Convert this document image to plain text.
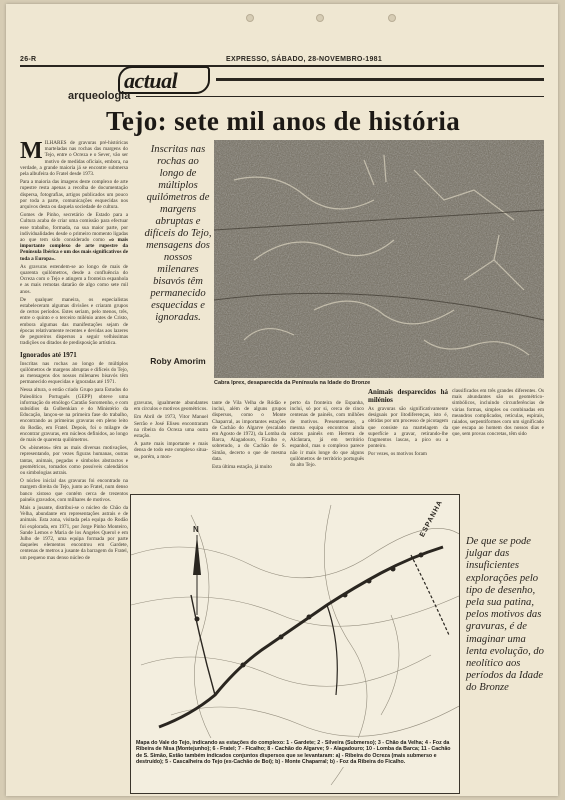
26-R	EXPRESSO, SÁBADO, 28-NOVEMBRO-1981
actual
arqueologia
Tejo: sete mil anos de história

MILHARES de gravuras pré-históricas marteladas nas rochas das margens do Tejo, entre o Ocreza e o Sever, vão ser motivo de medidas oficiais, embora, na verdade, a grande maioria já se encontre submersa pela albufeira do Fratel desde 1973.

Para a maioria das imagens deste complexo de arte rupestre resta apenas a recolha de documentação dispersa, fotografias, artigos publicados um pouco por toda a parte, comunicações esquecidas nos arquivos desta ou daquela sociedade de cultura.

Gomes de Pinho, secretário de Estado para a Cultura acaba de criar uma comissão para efectuar esse trabalho, formada, na sua maior parte, por individualidades desde o primeiro momento ligadas ao que tem sido considerado como «o mais importante complexo de arte rupestre da Península Ibérica e um dos mais significativos de toda a Europa».

As gravuras estendem-se ao longo de mais de quarenta quilómetros, desde a confluência do Ocreza com o Tejo e atingem a fronteira espanhola e as mais remotas datarão de algo como sete mil anos.

De qualquer maneira, os especialistas estabeleceram algumas divisões e criaram grupos de certos períodos. Estes seriam, pelo menos, três, entre o quinto e o terceiro milénio antes de Cristo, embora algumas das manifestações sejam de épocas relativamente recentes e devidas aos lazeres de pegureiros dispersos a seguir velhissimas tradições ou ditados de predisposição artística.

Ignorados até 1971

Inscritas nas rochas ao longo de múltiplos quilómetros de margens abruptas e difíceis do Tejo, as mensagens dos nossos milenares bisavós têm permanecido esquecidas e ignoradas até 1971.

Nessa altura, o então criado Grupo para Estudos do Paleolítico Português (GEPP) obteve uma informação do etnólogo Caratão Soromenho, e com subsídios da Gulbenkian e do Ministério da Educação, lançou-se na primeira fase do trabalho, encontrando as primeiras gravuras em pleno leito do Rodão, em Fratel. Depois, foi o milagre de encontrar gravuras, em núcleos definidos, ao longo de mais de quarenta quilómetros.

Os «bisnetos» têm as mais diversas motivações, representando, por vezes figuras humanas, outras tantas, animais, pegadas e símbolos abstractos e geométricos, tomados como possíveis calendários ou simbologias astrais.

O núcleo inicial das gravuras foi encontrado na margem direita do Tejo, junto ao Fratel, num denso banco xistoso que contém cerca de trezentos painéis gravados, com milhares de motivos.

Mais a jusante, distribui-se o núcleo do Chão da Velha, abundante em representações astrais e de animais. Esta zona, visitada pela equipa do Rodão foi explorada, em 1971, por Jorge Pinho Monteiro, Sande Lemos e Maria de los Angeles Querol e em Julho de 1972, uma equipa formada por parte daqueles elementos encontrou em Gardete, centenas de metros a jusante da barragem do Fratel, um pequeno mas denso núcleo de

Inscritas nas rochas ao longo de múltiplos quilómetros de margens abruptas e difíceis do Tejo, mensagens dos nossos milenares bisavós têm permanecido esquecidas e ignoradas.
Roby Amorim
Cabra Iprex, desaparecida da Península na Idade do Bronze

gravuras, igualmente abundantes em círculos e motivos geométricos.

Em Abril de 1973, Vitor Manuel Serrão e José Eliseu encontraram na ribeira do Ocreza uma outra estação.

A parte mais importante e mais densa de todo este complexo situa-se, porém, a mon-

tante de Vila Velha de Ródão e inclui, além de alguns grupos dispersos, como o Monte Chaparral, as importantes estações de Cachão do Algarve (escalado em Agosto de 1972), da Lomba da Barca, Alagadouro, Ficalho e, sobretudo, a do Cachão de S. Simão, decerto o que de mesma data.

Esta última estação, já muito

perto da fronteira de Espanha, inclui, só por si, cerca de cinco centenas de painéis, com milhões de motivos. Presentemente, a mesma equipa encontrou ainda outros painéis em Herrera de Alcântara, já em território espanhol, mas o complexo parece não ir mais longe do que alguns quilómetros de território português do alto Tejo.

Animais desparecidos há milénios

As gravuras são significativamente desiguais por litodiferenças, isto é, obtidas por um processo de picotagem que consiste na martelagem da superfície a gravar, retirando-lhe fragmentos lascas, a pico ou a ponteiro.

Por vezes, os motivos foram

classificados em três grandes diferentes. Os mais abundantes são os geométrico-simbólicos, incluindo circunferências de várias formas, simples ou combinadas em meandros complicados, retículas, espirais, raiados, serpentiformes com um significado que escapa ao homem dos nossos dias e que, sem provas concretas, têm sido

N	ESPANHA
Mapa do Vale do Tejo, indicando as estações do complexo: 1 - Gardete; 2 - Silveira (Submerso); 3 - Chão da Velha; 4 - Foz da Ribeira de Nisa (Montejunho); 6 - Fratel; 7 - Ficalho; 8 - Cachão do Algarve; 9 - Alagadouro; 10 - Lomba da Barca; 11 - Cachão de S. Simão, Estão também indicados conjuntos dispersos que se levantaram: a) - Ribeira do Ocreza (mais submerso e destruído); 5 - Cascalheira do Tejo (ex-Cachão de Boi); b) - Monte Chaparral; b) - Foz da Ribeira do Ficalho.
De que se pode julgar das insuficientes explorações pelo tipo de desenho, pela sua patina, pelos motivos das gravuras, é de imaginar uma lenta evolução, do neolítico aos períodos da Idade do Bronze
